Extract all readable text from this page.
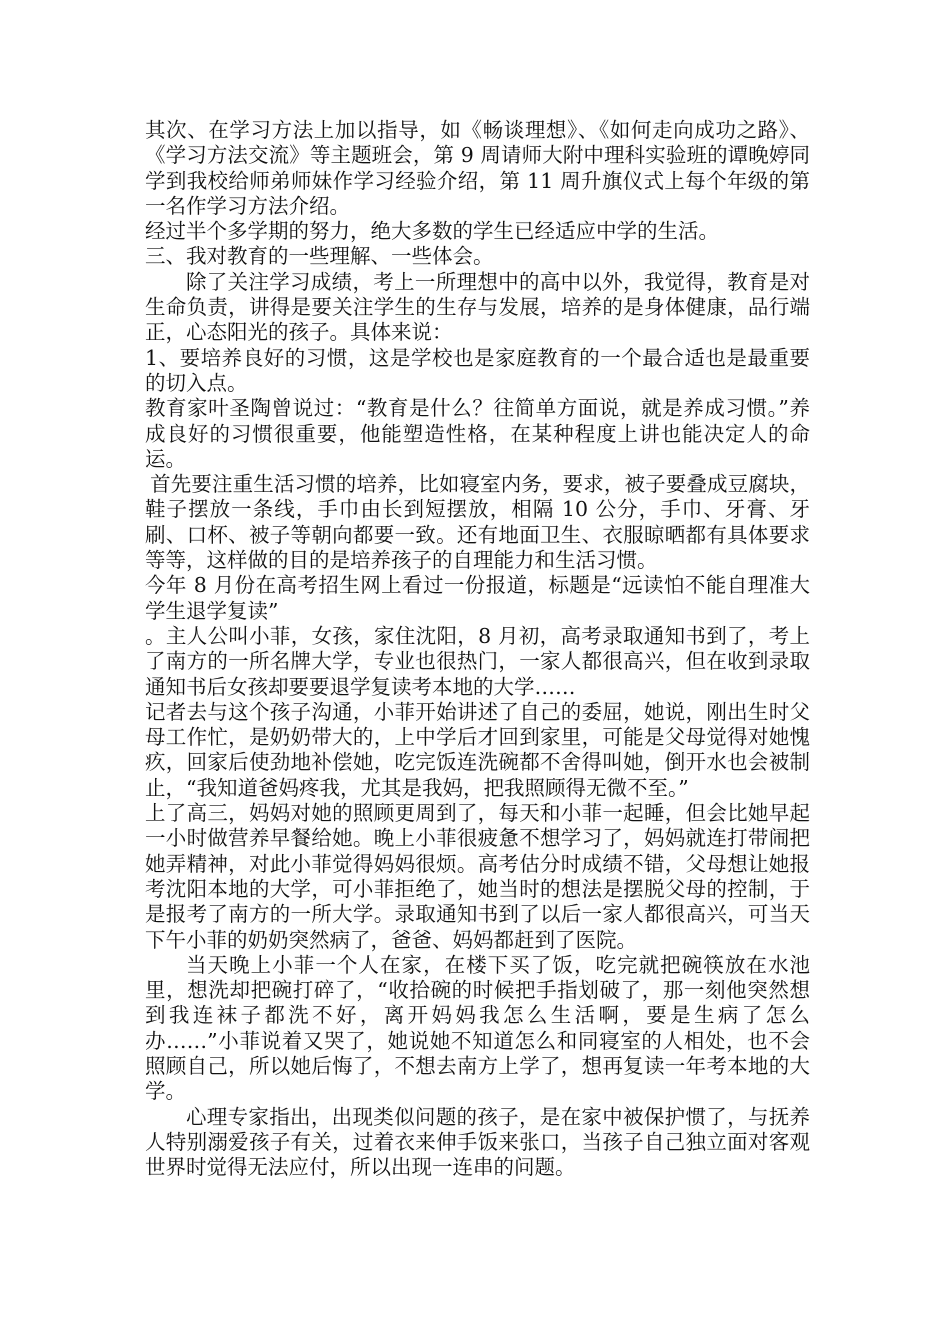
其次、在学习方法上加以指导，如《畅谈理想》、《如何走向成功之路》、《学习方法交流》等主题班会，第 9 周请师大附中理科实验班的谭晚婷同学到我校给师弟师妹作学习经验介绍，第 11 周升旗仪式上每个年级的第一名作学习方法介绍。

经过半个多学期的努力，绝大多数的学生已经适应中学的生活。

三、我对教育的一些理解、一些体会。

除了关注学习成绩，考上一所理想中的高中以外，我觉得，教育是对生命负责，讲得是要关注学生的生存与发展，培养的是身体健康，品行端正，心态阳光的孩子。具体来说：

1、要培养良好的习惯，这是学校也是家庭教育的一个最合适也是最重要的切入点。

教育家叶圣陶曾说过：“教育是什么？往简单方面说，就是养成习惯。”养成良好的习惯很重要，他能塑造性格，在某种程度上讲也能决定人的命运。

首先要注重生活习惯的培养，比如寝室内务，要求，被子要叠成豆腐块，鞋子摆放一条线，手巾由长到短摆放，相隔 10 公分，手巾、牙膏、牙刷、口杯、被子等朝向都要一致。还有地面卫生、衣服晾晒都有具体要求等等，这样做的目的是培养孩子的自理能力和生活习惯。

今年 8 月份在高考招生网上看过一份报道，标题是“远读怕不能自理准大学生退学复读”

。主人公叫小菲，女孩，家住沈阳，8 月初，高考录取通知书到了，考上了南方的一所名牌大学，专业也很热门，一家人都很高兴，但在收到录取通知书后女孩却要要退学复读考本地的大学……

记者去与这个孩子沟通，小菲开始讲述了自己的委屈，她说，刚出生时父母工作忙，是奶奶带大的，上中学后才回到家里，可能是父母觉得对她愧疚，回家后使劲地补偿她，吃完饭连洗碗都不舍得叫她，倒开水也会被制止，“我知道爸妈疼我，尤其是我妈，把我照顾得无微不至。”

上了高三，妈妈对她的照顾更周到了，每天和小菲一起睡，但会比她早起一小时做营养早餐给她。晚上小菲很疲惫不想学习了，妈妈就连打带闹把她弄精神，对此小菲觉得妈妈很烦。高考估分时成绩不错，父母想让她报考沈阳本地的大学，可小菲拒绝了，她当时的想法是摆脱父母的控制，于是报考了南方的一所大学。录取通知书到了以后一家人都很高兴，可当天下午小菲的奶奶突然病了，爸爸、妈妈都赶到了医院。

当天晚上小菲一个人在家，在楼下买了饭，吃完就把碗筷放在水池里，想洗却把碗打碎了，“收拾碗的时候把手指划破了，那一刻他突然想到我连袜子都洗不好，离开妈妈我怎么生活啊，要是生病了怎么办……”小菲说着又哭了，她说她不知道怎么和同寝室的人相处，也不会照顾自己，所以她后悔了，不想去南方上学了，想再复读一年考本地的大学。

心理专家指出，出现类似问题的孩子，是在家中被保护惯了，与抚养人特别溺爱孩子有关，过着衣来伸手饭来张口，当孩子自己独立面对客观世界时觉得无法应付，所以出现一连串的问题。
